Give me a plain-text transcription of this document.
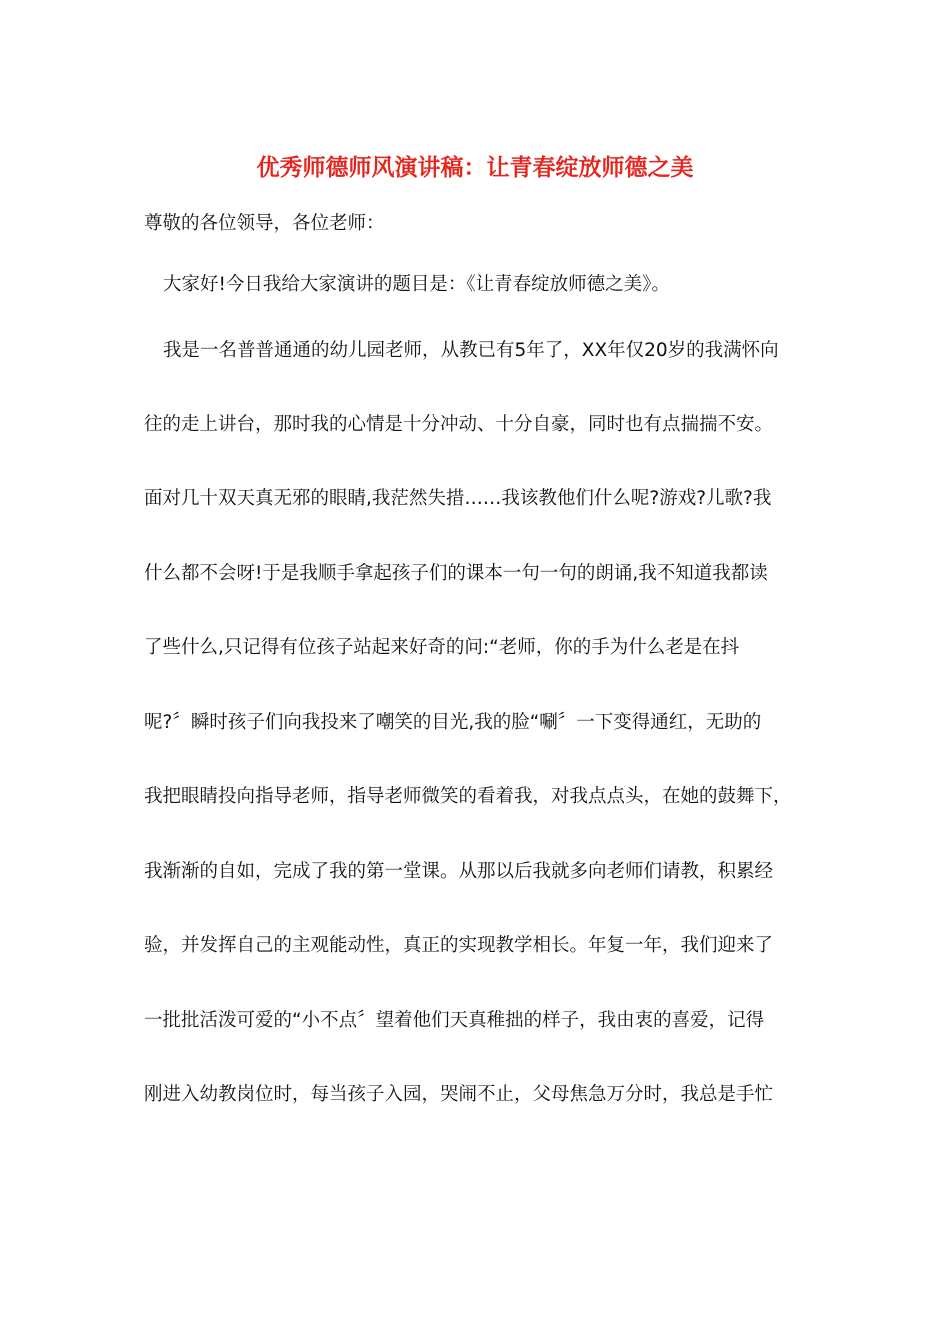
优秀师德师风演讲稿：让青春绽放师德之美
尊敬的各位领导，各位老师：
大家好!今日我给大家演讲的题目是：《让青春绽放师德之美》。
我是一名普普通通的幼儿园老师，从教已有5年了，XX年仅20岁的我满怀向
往的走上讲台，那时我的心情是十分冲动、十分自豪，同时也有点揣揣不安。
面对几十双天真无邪的眼睛,我茫然失措……我该教他们什么呢?游戏?儿歌?我
什么都不会呀!于是我顺手拿起孩子们的课本一句一句的朗诵,我不知道我都读
了些什么,只记得有位孩子站起来好奇的问:“老师，你的手为什么老是在抖
呢?〞瞬时孩子们向我投来了嘲笑的目光,我的脸“唰〞一下变得通红，无助的
我把眼睛投向指导老师，指导老师微笑的看着我，对我点点头，在她的鼓舞下，
我渐渐的自如，完成了我的第一堂课。从那以后我就多向老师们请教，积累经
验，并发挥自己的主观能动性，真正的实现教学相长。年复一年，我们迎来了
一批批活泼可爱的“小不点〞望着他们天真稚拙的样子，我由衷的喜爱，记得
刚进入幼教岗位时，每当孩子入园，哭闹不止，父母焦急万分时，我总是手忙
